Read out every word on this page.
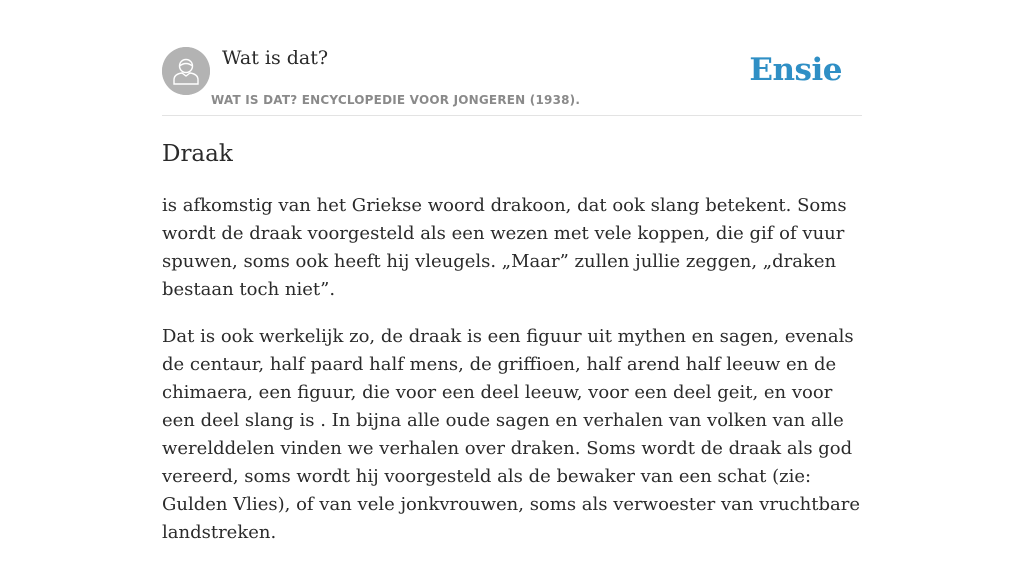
Wat is dat?
WAT IS DAT? ENCYCLOPEDIE VOOR JONGEREN (1938).
Ensie
Draak

is afkomstig van het Griekse woord drakoon, dat ook slang betekent. Soms wordt de draak voorgesteld als een wezen met vele koppen, die gif of vuur spuwen, soms ook heeft hij vleugels. „Maar” zullen jullie zeggen, „draken bestaan toch niet”.

Dat is ook werkelijk zo, de draak is een figuur uit mythen en sagen, evenals de centaur, half paard half mens, de griffioen, half arend half leeuw en de chimaera, een figuur, die voor een deel leeuw, voor een deel geit, en voor een deel slang is . In bijna alle oude sagen en verhalen van volken van alle werelddelen vinden we verhalen over draken. Soms wordt de draak als god vereerd, soms wordt hij voorgesteld als de bewaker van een schat (zie: Gulden Vlies), of van vele jonkvrouwen, soms als verwoester van vruchtbare landstreken.
